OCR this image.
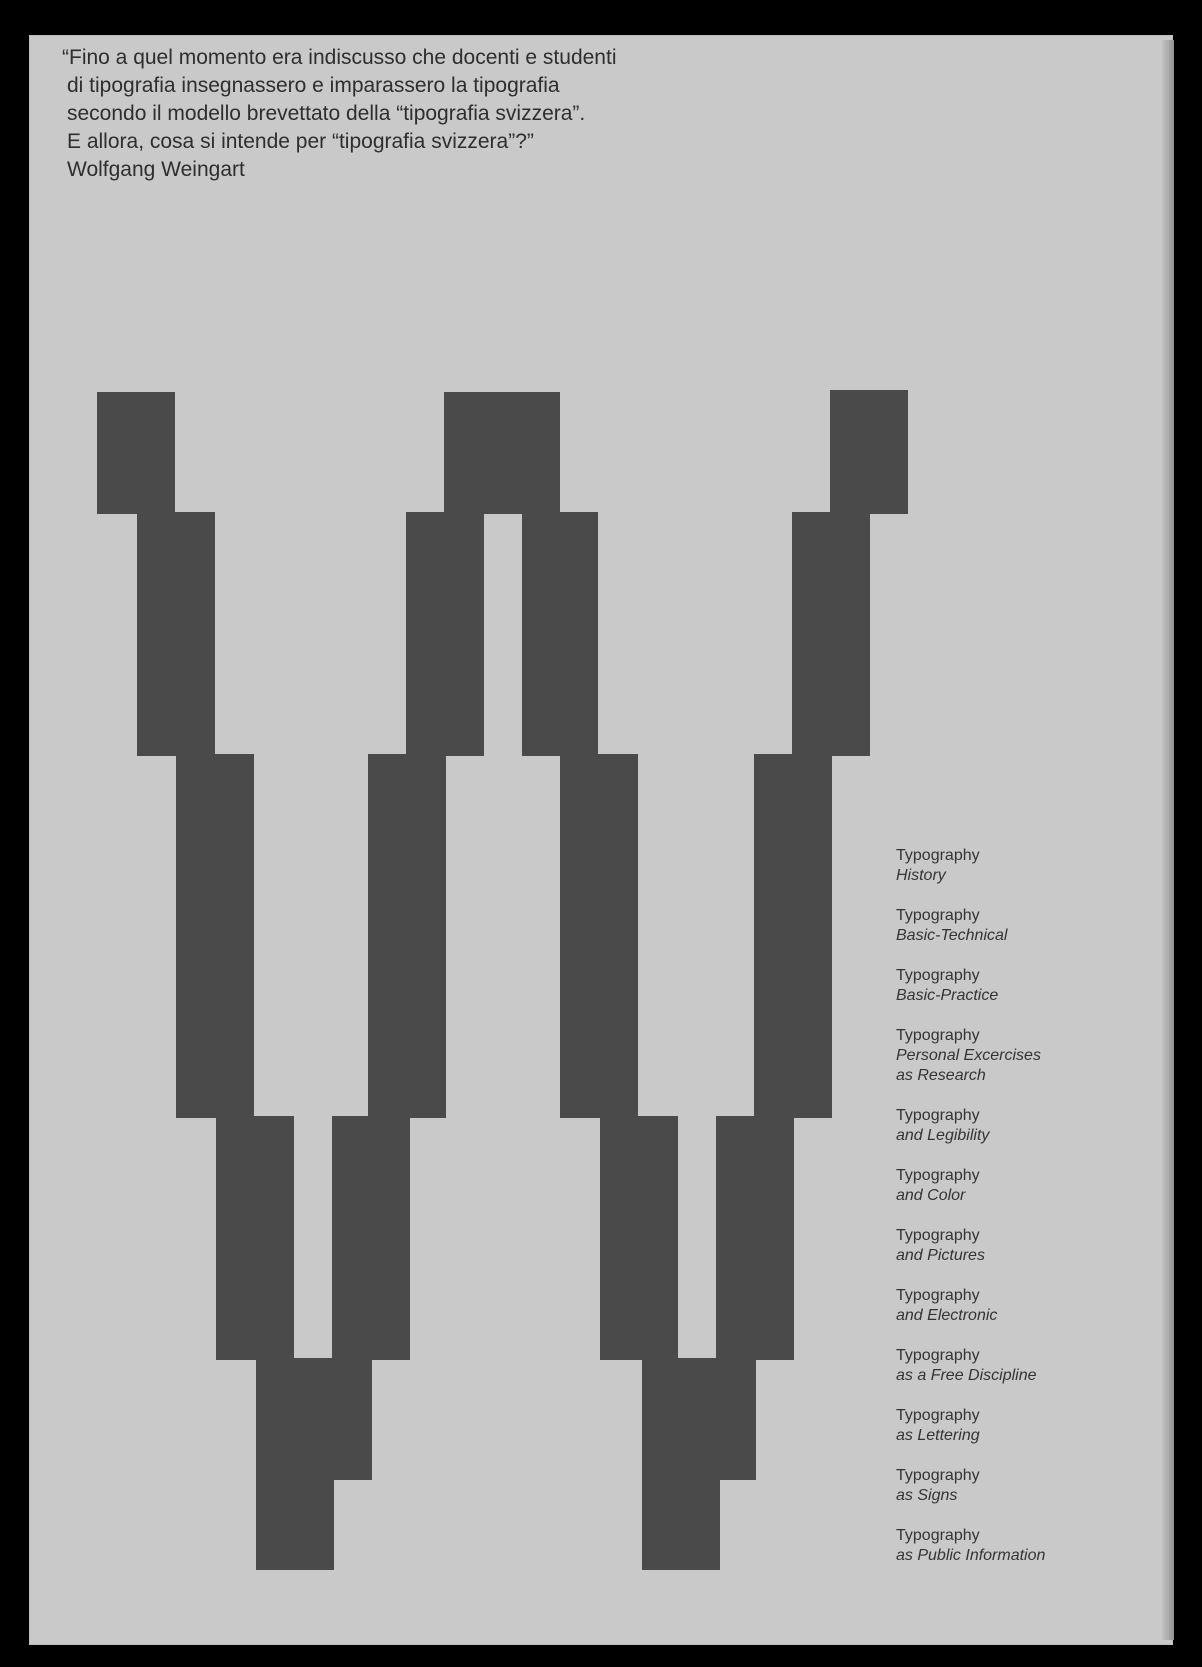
“Fino a quel momento era indiscusso che docenti e studenti
di tipografia insegnassero e imparassero la tipografia
secondo il modello brevettato della “tipografia svizzera”.
E allora, cosa si intende per “tipografia svizzera”?”

Wolfgang Weingart
Typography
History
Typography
Basic-Technical
Typography
Basic-Practice
Typography
Personal Excercises
as Research
Typography
and Legibility
Typography
and Color
Typography
and Pictures
Typography
and Electronic
Typography
as a Free Discipline
Typography
as Lettering
Typography
as Signs
Typography
as Public Information
